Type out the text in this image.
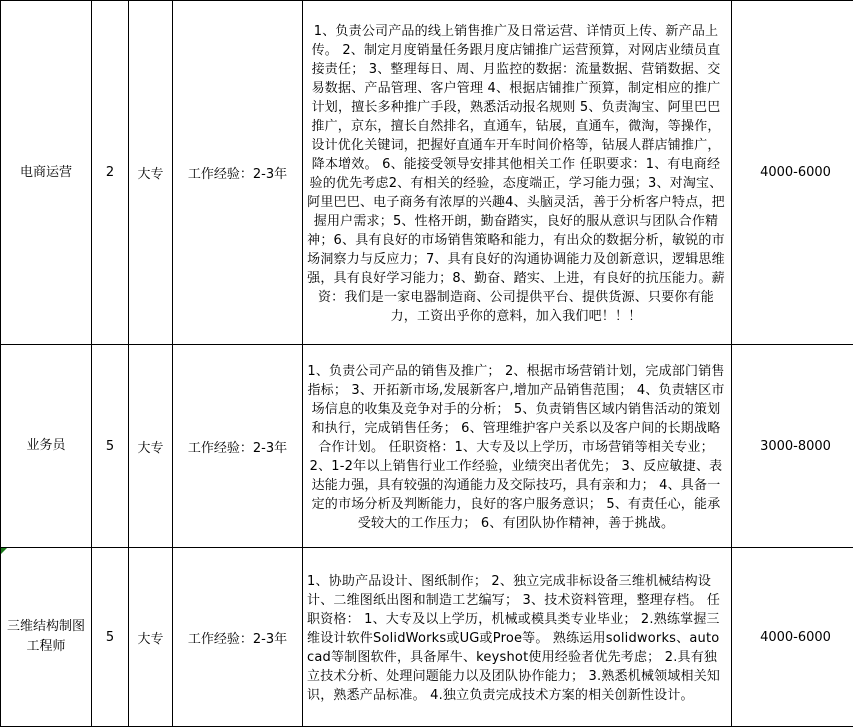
电商运营	2	大专	工作经验：2-3年	1、负责公司产品的线上销售推广及日常运营、详情页上传、新产品上传。 2、制定月度销量任务跟月度店铺推广运营预算，对网店业绩员直接责任； 3、整理每日、周、月监控的数据：流量数据、营销数据、交易数据、产品管理、客户管理 4、根据店铺推广预算，制定相应的推广计划，擅长多种推广手段，熟悉活动报名规则 5、负责淘宝、阿里巴巴推广，京东，擅长自然排名，直通车，钻展，直通车，微淘，等操作，设计优化关键词，把握好直通车开车时间价格等，钻展人群店铺推广，降本增效。 6、能接受领导安排其他相关工作 任职要求：1、有电商经验的优先考虑2、有相关的经验，态度端正，学习能力强；3、对淘宝、阿里巴巴、电子商务有浓厚的兴趣4、头脑灵活，善于分析客户特点，把握用户需求；5、性格开朗，勤奋踏实，良好的服从意识与团队合作精神；6、具有良好的市场销售策略和能力，有出众的数据分析，敏锐的市场洞察力与反应力；7、具有良好的沟通协调能力及创新意识，逻辑思维强，具有良好学习能力；8、勤奋、踏实、上进，有良好的抗压能力。薪资：我们是一家电器制造商、公司提供平台、提供货源、只要你有能力，工资出乎你的意料，加入我们吧！！！	4000-6000
业务员	5	大专	工作经验：2-3年	1、负责公司产品的销售及推广； 2、根据市场营销计划，完成部门销售指标； 3、开拓新市场,发展新客户,增加产品销售范围； 4、负责辖区市场信息的收集及竞争对手的分析； 5、负责销售区域内销售活动的策划和执行，完成销售任务； 6、管理维护客户关系以及客户间的长期战略合作计划。 任职资格：1、大专及以上学历，市场营销等相关专业； 2、1-2年以上销售行业工作经验，业绩突出者优先； 3、反应敏捷、表达能力强，具有较强的沟通能力及交际技巧，具有亲和力； 4、具备一定的市场分析及判断能力，良好的客户服务意识； 5、有责任心，能承受较大的工作压力； 6、有团队协作精神，善于挑战。	3000-8000
三维结构制图工程师	5	大专	工作经验：2-3年	1、协助产品设计、图纸制作； 2、独立完成非标设备三维机械结构设计、二维图纸出图和制造工艺编写； 3、技术资料管理，整理存档。 任职资格： 1、大专及以上学历，机械或模具类专业毕业； 2.熟练掌握三维设计软件SolidWorks或UG或Proe等。 熟练运用solidworks、autocad等制图软件，具备犀牛、keyshot使用经验者优先考虑； 2.具有独立技术分析、处理问题能力以及团队协作能力； 3.熟悉机械领域相关知识，熟悉产品标准。 4.独立负责完成技术方案的相关创新性设计。	4000-6000
